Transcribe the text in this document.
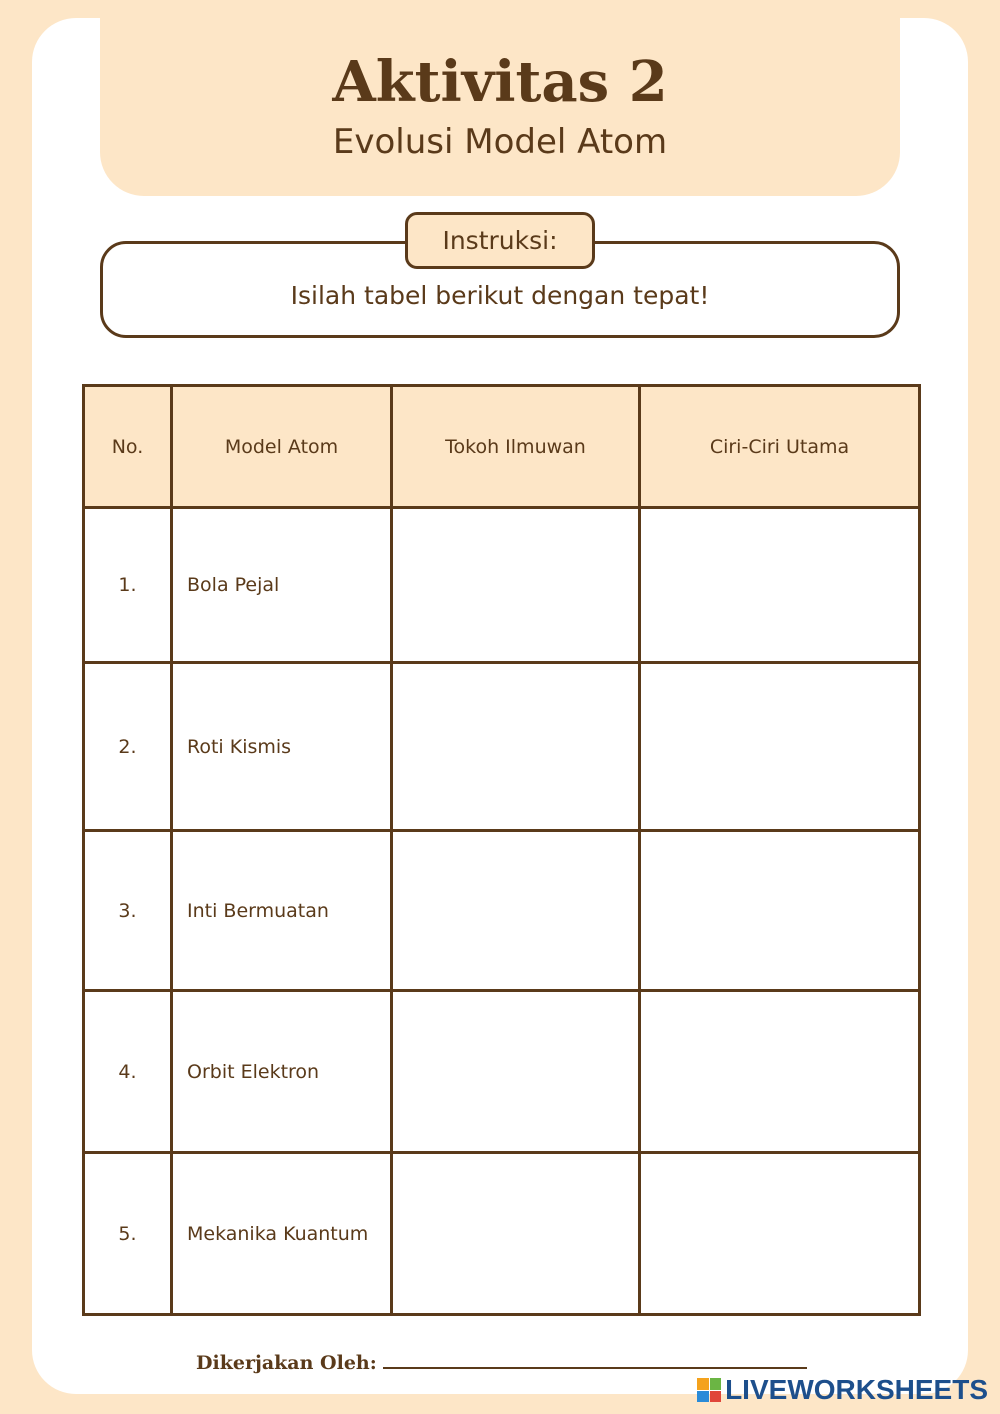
Aktivitas 2
Evolusi Model Atom
Isilah tabel berikut dengan tepat!
Instruksi:
No.	Model Atom	Tokoh Ilmuwan	Ciri-Ciri Utama
1.	Bola Pejal		
2.	Roti Kismis		
3.	Inti Bermuatan		
4.	Orbit Elektron		
5.	Mekanika Kuantum		
Dikerjakan Oleh:
LIVEWORKSHEETS
